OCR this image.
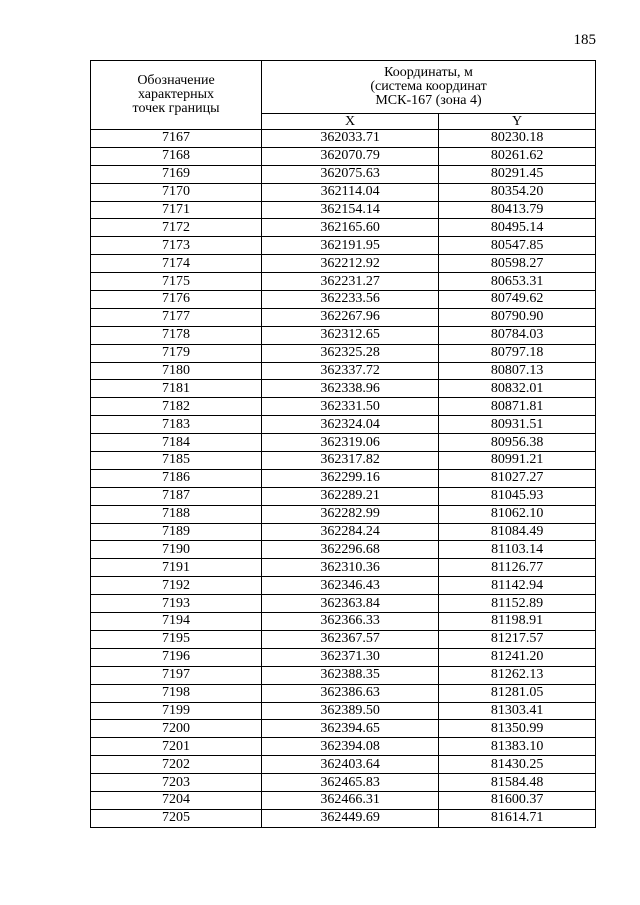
185
Обозначение
характерных
точек границы	Координаты, м
(система координат
МСК-167 (зона 4)	

	X	Y
7167	362033.71	80230.18
7168	362070.79	80261.62
7169	362075.63	80291.45
7170	362114.04	80354.20
7171	362154.14	80413.79
7172	362165.60	80495.14
7173	362191.95	80547.85
7174	362212.92	80598.27
7175	362231.27	80653.31
7176	362233.56	80749.62
7177	362267.96	80790.90
7178	362312.65	80784.03
7179	362325.28	80797.18
7180	362337.72	80807.13
7181	362338.96	80832.01
7182	362331.50	80871.81
7183	362324.04	80931.51
7184	362319.06	80956.38
7185	362317.82	80991.21
7186	362299.16	81027.27
7187	362289.21	81045.93
7188	362282.99	81062.10
7189	362284.24	81084.49
7190	362296.68	81103.14
7191	362310.36	81126.77
7192	362346.43	81142.94
7193	362363.84	81152.89
7194	362366.33	81198.91
7195	362367.57	81217.57
7196	362371.30	81241.20
7197	362388.35	81262.13
7198	362386.63	81281.05
7199	362389.50	81303.41
7200	362394.65	81350.99
7201	362394.08	81383.10
7202	362403.64	81430.25
7203	362465.83	81584.48
7204	362466.31	81600.37
7205	362449.69	81614.71
